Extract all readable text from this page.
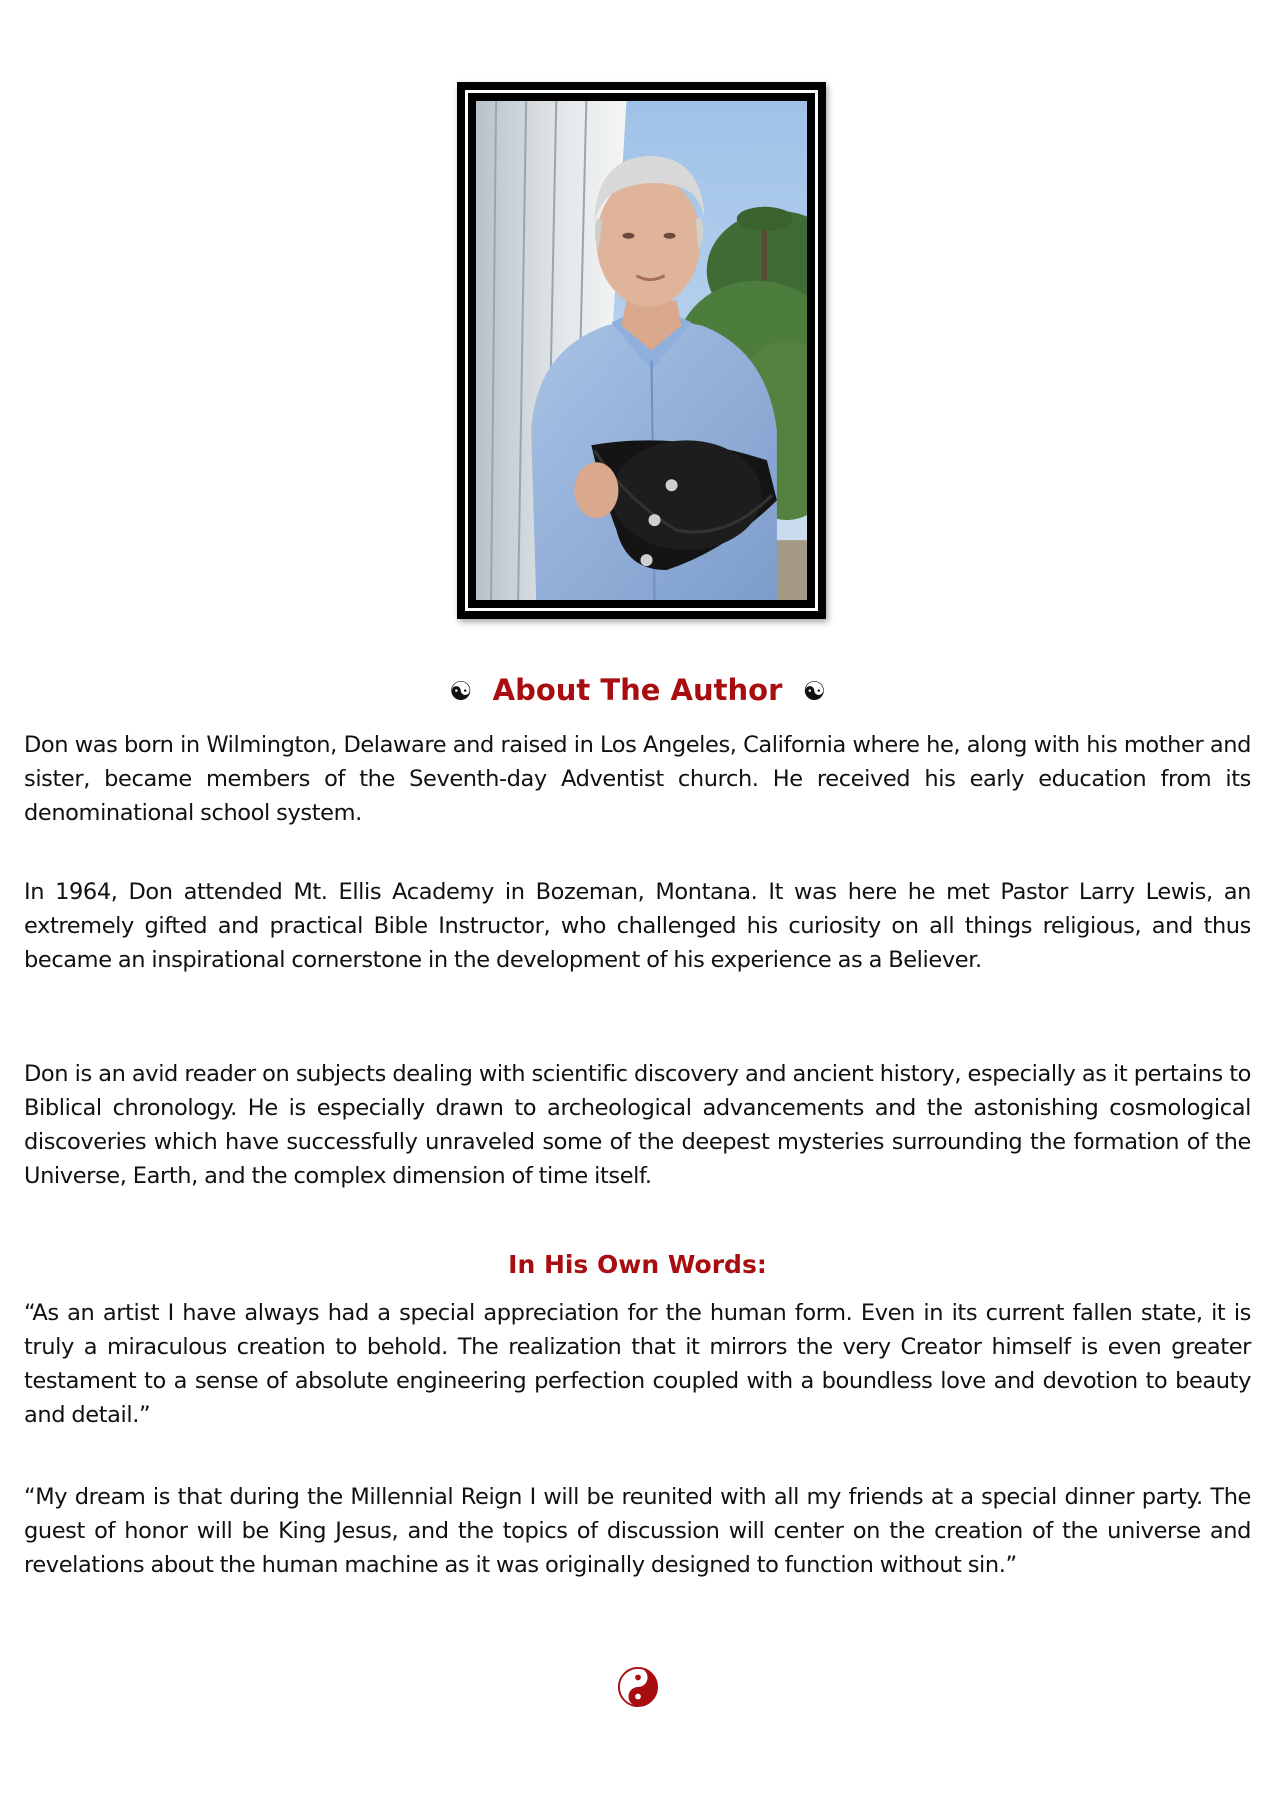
☯ About The Author ☯

Don was born in Wilmington, Delaware and raised in Los Angeles, California where he, along with his mother and sister, became members of the Seventh-day Adventist church. He received his early education from its denominational school system.

In 1964, Don attended Mt. Ellis Academy in Bozeman, Montana. It was here he met Pastor Larry Lewis, an extremely gifted and practical Bible Instructor, who challenged his curiosity on all things religious, and thus became an inspirational cornerstone in the development of his experience as a Believer.

Don is an avid reader on subjects dealing with scientific discovery and ancient history, especially as it pertains to Biblical chronology. He is especially drawn to archeological advancements and the astonishing cosmological discoveries which have successfully unraveled some of the deepest mysteries surrounding the formation of the Universe, Earth, and the complex dimension of time itself.

In His Own Words:

“As an artist I have always had a special appreciation for the human form. Even in its current fallen state, it is truly a miraculous creation to behold. The realization that it mirrors the very Creator himself is even greater testament to a sense of absolute engineering perfection coupled with a boundless love and devotion to beauty and detail.”

“My dream is that during the Millennial Reign I will be reunited with all my friends at a special dinner party. The guest of honor will be King Jesus, and the topics of discussion will center on the creation of the universe and revelations about the human machine as it was originally designed to function without sin.”
